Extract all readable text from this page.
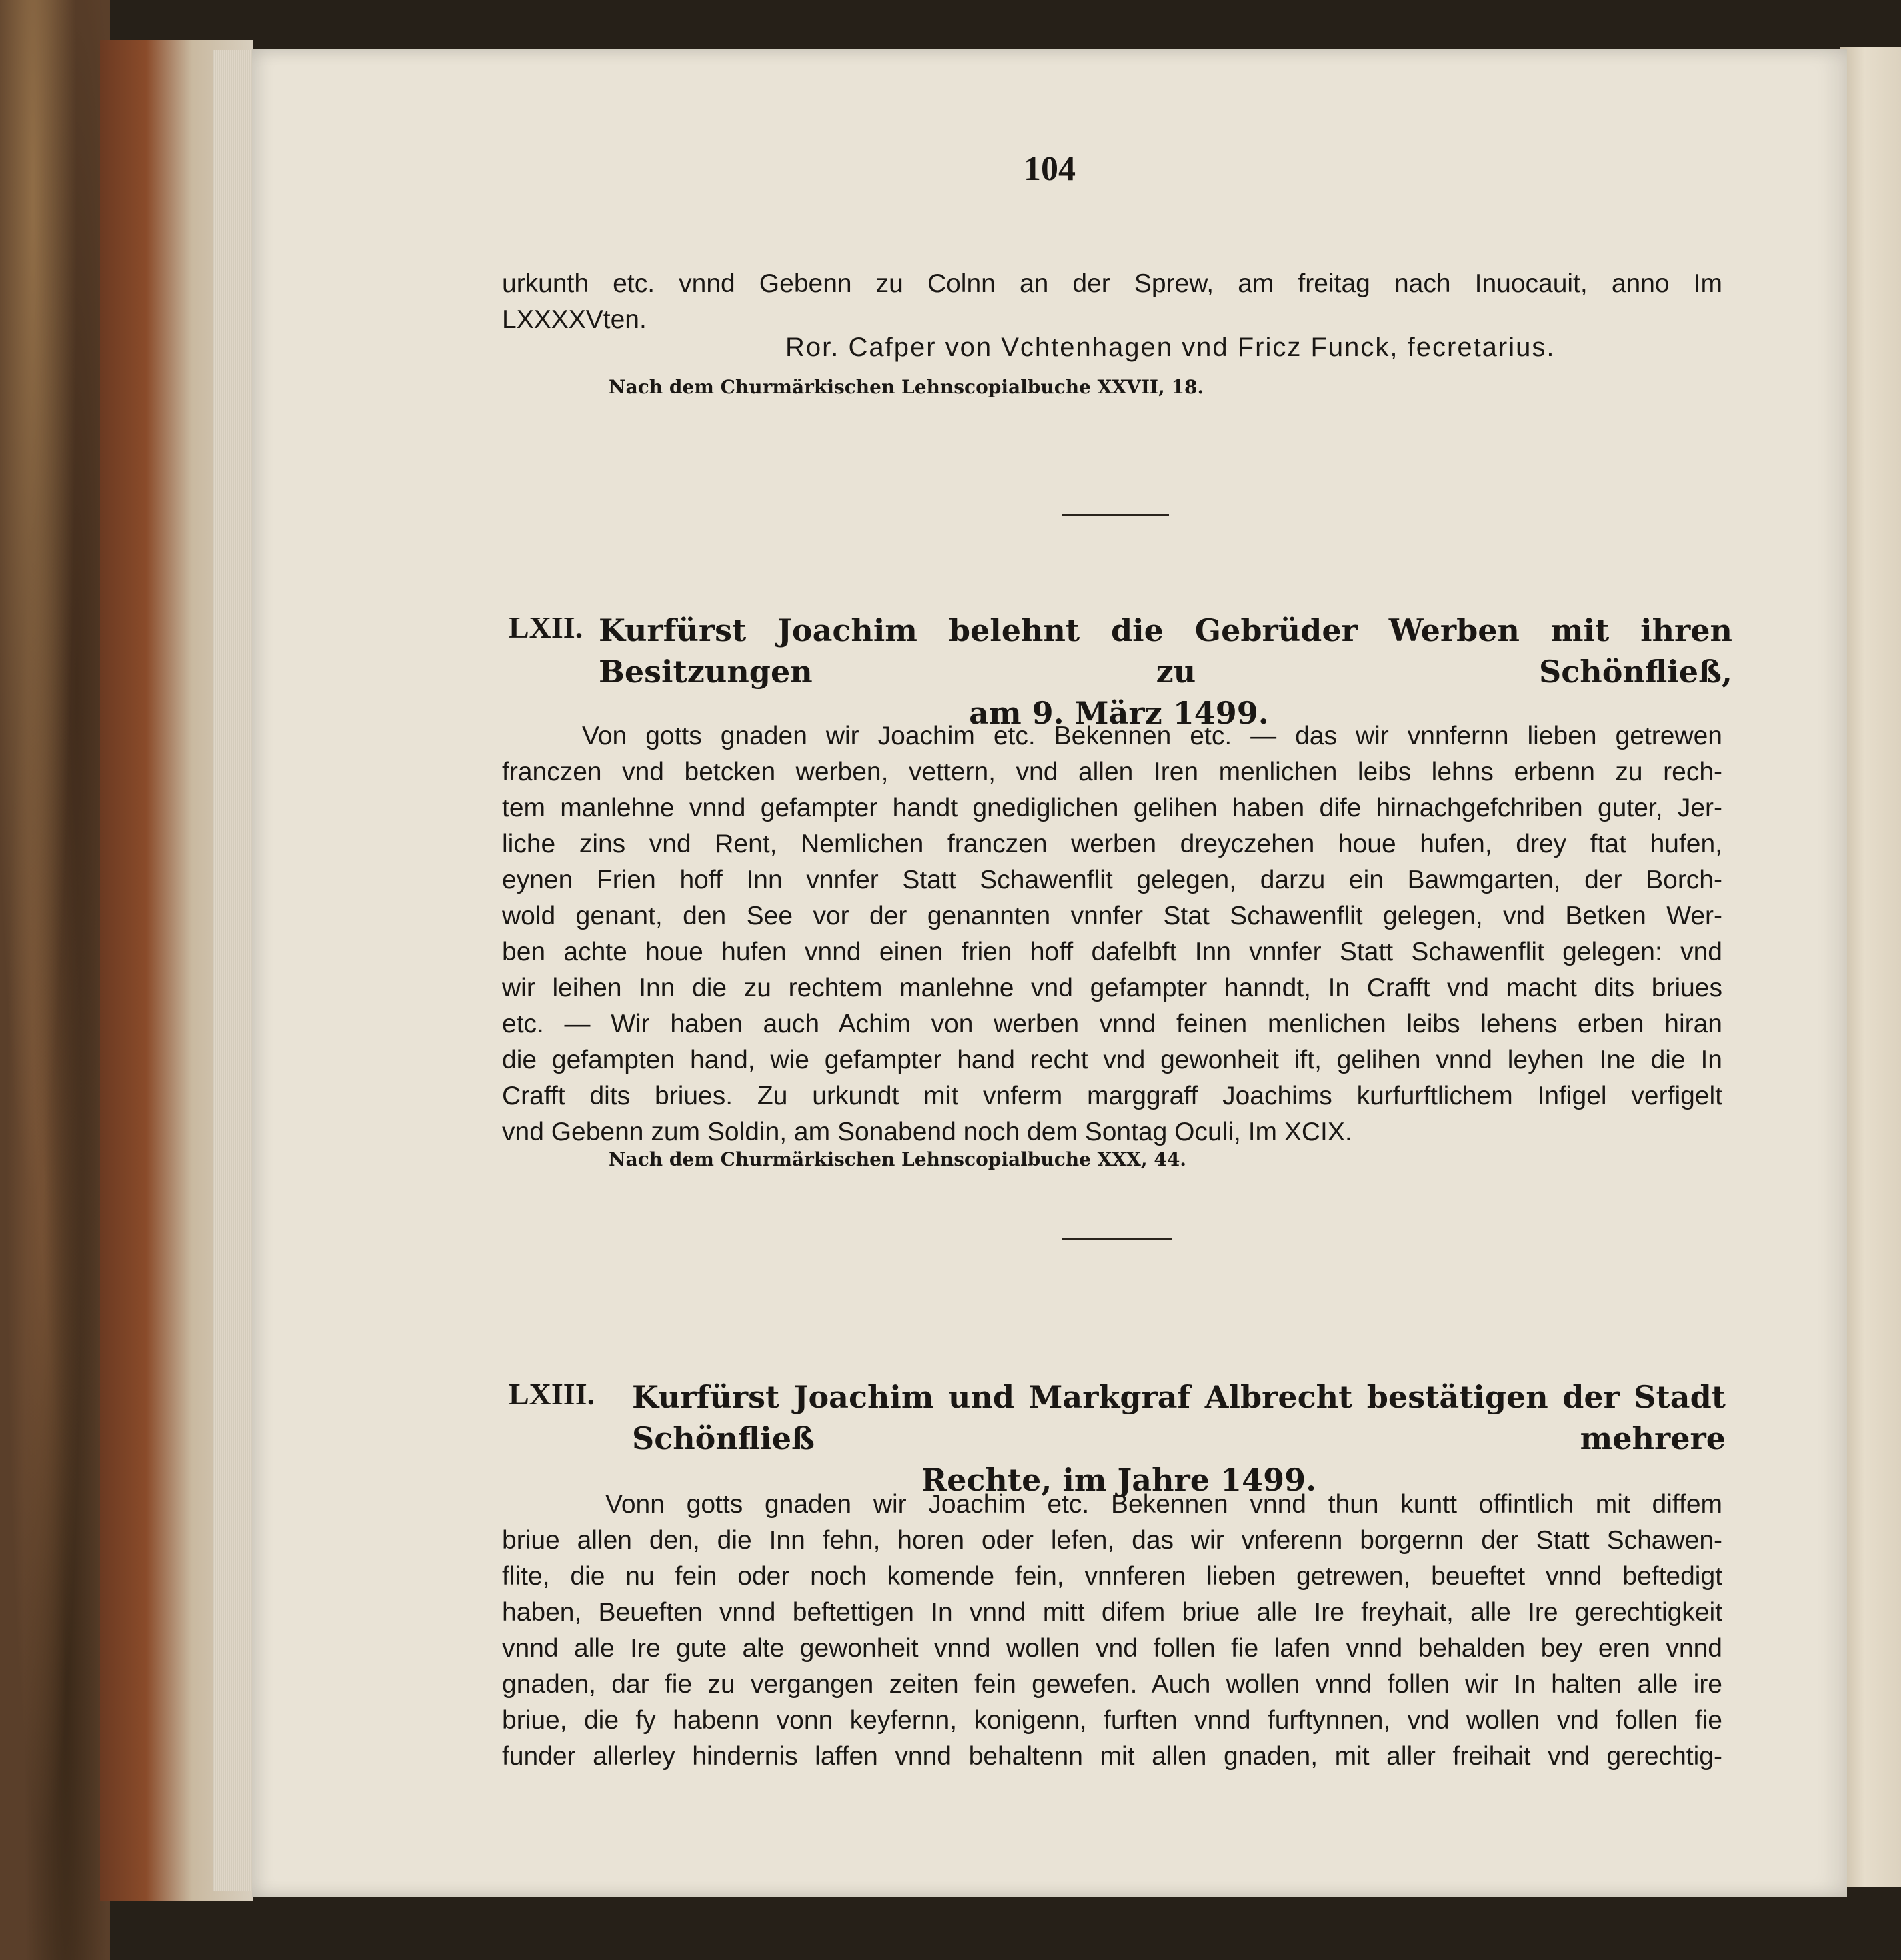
104
urkunth etc. vnnd Gebenn zu Colnn an der Sprew, am freitag nach Inuocauit, anno Im
LXXXXVten.
Ror. Cafper von Vchtenhagen vnd Fricz Funck, fecretarius.
Nach dem Churmärkischen Lehnscopialbuche XXVII, 18.
LXII. Kurfürst Joachim belehnt die Gebrüder Werben mit ihren Besitzungen zu Schönfließ,
am 9. März 1499.
Von gotts gnaden wir Joachim etc. Bekennen etc. — das wir vnnfernn lieben getrewen
franczen vnd betcken werben, vettern, vnd allen Iren menlichen leibs lehns erbenn zu rech-
tem manlehne vnnd gefampter handt gnediglichen gelihen haben dife hirnachgefchriben guter, Jer-
liche zins vnd Rent, Nemlichen franczen werben dreyczehen houe hufen, drey ftat hufen,
eynen Frien hoff Inn vnnfer Statt Schawenflit gelegen, darzu ein Bawmgarten, der Borch-
wold genant, den See vor der genannten vnnfer Stat Schawenflit gelegen, vnd Betken Wer-
ben achte houe hufen vnnd einen frien hoff dafelbft Inn vnnfer Statt Schawenflit gelegen: vnd
wir leihen Inn die zu rechtem manlehne vnd gefampter hanndt, In Crafft vnd macht dits briues
etc. — Wir haben auch Achim von werben vnnd feinen menlichen leibs lehens erben hiran
die gefampten hand, wie gefampter hand recht vnd gewonheit ift, gelihen vnnd leyhen Ine die In
Crafft dits briues. Zu urkundt mit vnferm marggraff Joachims kurfurftlichem Infigel verfigelt
vnd Gebenn zum Soldin, am Sonabend noch dem Sontag Oculi, Im XCIX.
Nach dem Churmärkischen Lehnscopialbuche XXX, 44.
LXIII. Kurfürst Joachim und Markgraf Albrecht bestätigen der Stadt Schönfließ mehrere
Rechte, im Jahre 1499.
Vonn gotts gnaden wir Joachim etc. Bekennen vnnd thun kuntt offintlich mit diffem
briue allen den, die Inn fehn, horen oder lefen, das wir vnferenn borgernn der Statt Schawen-
flite, die nu fein oder noch komende fein, vnnferen lieben getrewen, beueftet vnnd beftedigt
haben, Beueften vnnd beftettigen In vnnd mitt difem briue alle Ire freyhait, alle Ire gerechtigkeit
vnnd alle Ire gute alte gewonheit vnnd wollen vnd follen fie lafen vnnd behalden bey eren vnnd
gnaden, dar fie zu vergangen zeiten fein gewefen. Auch wollen vnnd follen wir In halten alle ire
briue, die fy habenn vonn keyfernn, konigenn, furften vnnd furftynnen, vnd wollen vnd follen fie
funder allerley hindernis laffen vnnd behaltenn mit allen gnaden, mit aller freihait vnd gerechtig-
